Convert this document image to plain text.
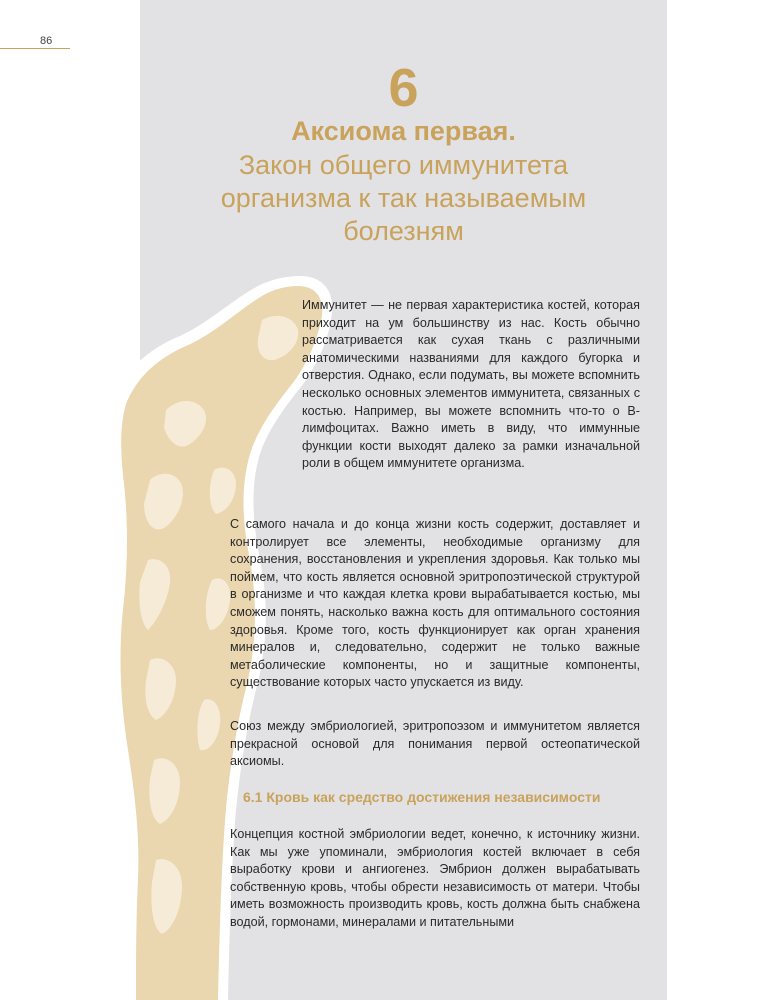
86
6
Аксиома первая.
Закон общего иммунитета
организма к так называемым
болезням
Иммунитет — не первая характеристика костей, которая приходит на ум большинству из нас. Кость обычно рассматривается как сухая ткань с различными анатомическими названиями для каждого бугорка и отверстия. Однако, если подумать, вы можете вспомнить несколько основных элементов иммунитета, связанных с костью. Например, вы можете вспомнить что-то о B-лимфоцитах. Важно иметь в виду, что иммунные функции кости выходят далеко за рамки изначальной роли в общем иммунитете организма.
С самого начала и до конца жизни кость содержит, доставляет и контролирует все элементы, необходимые организму для сохранения, восстановления и укрепления здоровья. Как только мы поймем, что кость является основной эритропоэтической структурой в организме и что каждая клетка крови вырабатывается костью, мы сможем понять, насколько важна кость для оптимального состояния здоровья. Кроме того, кость функционирует как орган хранения минералов и, следовательно, содержит не только важные метаболические компоненты, но и защитные компоненты, существование которых часто упускается из виду.
Союз между эмбриологией, эритропоэзом и иммунитетом является прекрасной основой для понимания первой остеопатической аксиомы.
6.1 Кровь как средство достижения независимости
Концепция костной эмбриологии ведет, конечно, к источнику жизни. Как мы уже упоминали, эмбриология костей включает в себя выработку крови и ангиогенез. Эмбрион должен вырабатывать собственную кровь, чтобы обрести независимость от матери. Чтобы иметь возможность производить кровь, кость должна быть снабжена водой, гормонами, минералами и питательными
